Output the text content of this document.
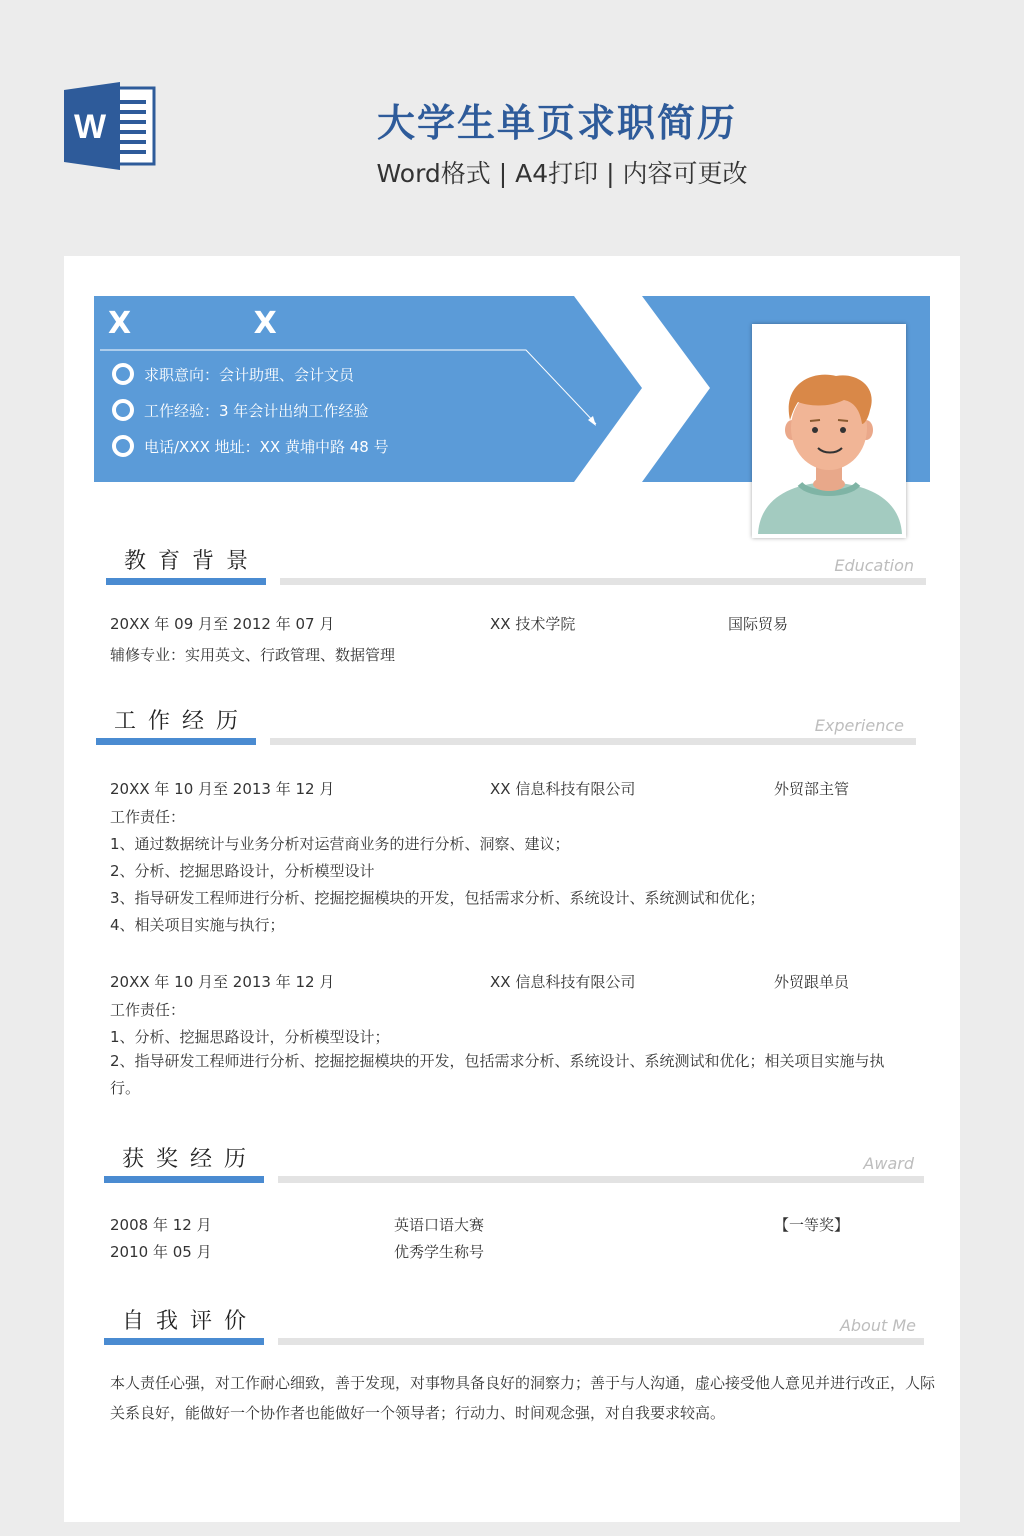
W	大学生单页求职简历
Word格式 | A4打印 | 内容可更改
X X
求职意向：会计助理、会计文员
工作经验：3 年会计出纳工作经验
电话/XXX 地址：XX 黄埔中路 48 号
教育背景	Education
20XX 年 09 月至 2012 年 07 月	XX 技术学院	国际贸易
辅修专业：实用英文、行政管理、数据管理
工作经历	Experience
20XX 年 10 月至 2013 年 12 月	XX 信息科技有限公司	外贸部主管
工作责任：
1、通过数据统计与业务分析对运营商业务的进行分析、洞察、建议；
2、分析、挖掘思路设计，分析模型设计
3、指导研发工程师进行分析、挖掘挖掘模块的开发，包括需求分析、系统设计、系统测试和优化；
4、相关项目实施与执行；
20XX 年 10 月至 2013 年 12 月	XX 信息科技有限公司	外贸跟单员
工作责任：
1、分析、挖掘思路设计，分析模型设计；
2、指导研发工程师进行分析、挖掘挖掘模块的开发，包括需求分析、系统设计、系统测试和优化；相关项目实施与执行。
获奖经历	Award
2008 年 12 月	英语口语大赛	【一等奖】
2010 年 05 月	优秀学生称号
自我评价	About Me
本人责任心强，对工作耐心细致，善于发现，对事物具备良好的洞察力；善于与人沟通，虚心接受他人意见并进行改正，人际关系良好，能做好一个协作者也能做好一个领导者；行动力、时间观念强，对自我要求较高。
